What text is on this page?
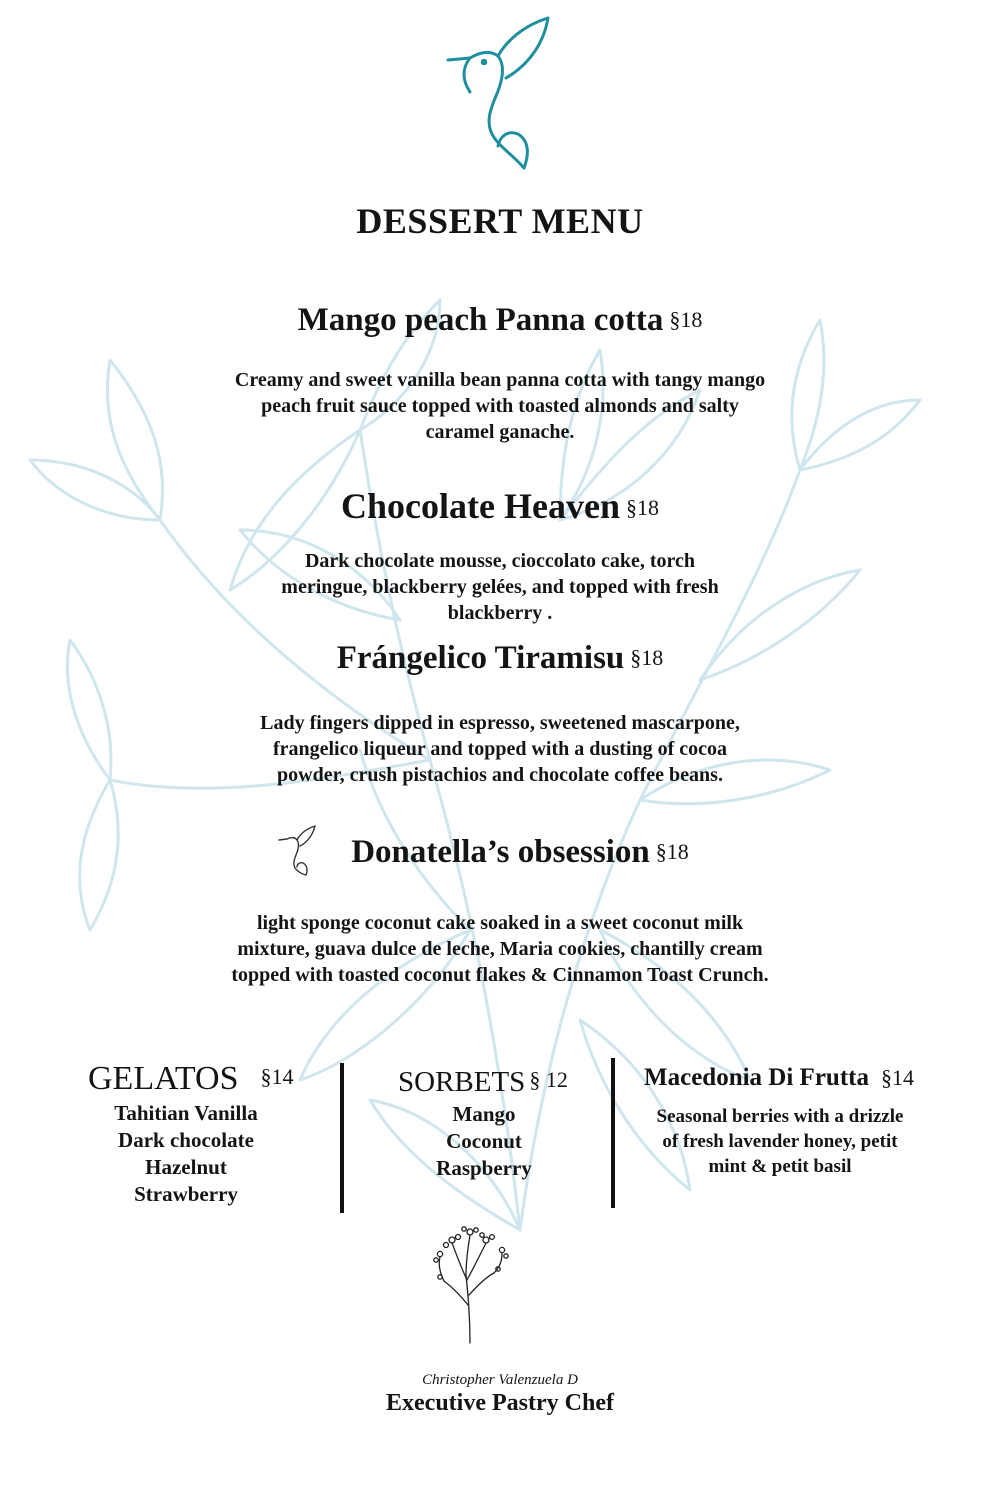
DESSERT MENU
Mango peach Panna cotta §18
Creamy and sweet vanilla bean panna cotta with tangy mango
peach fruit sauce topped with toasted almonds and salty
caramel ganache.
Chocolate Heaven §18
Dark chocolate mousse, cioccolato cake, torch
meringue, blackberry gelées, and topped with fresh
blackberry .
Frángelico Tiramisu §18
Lady fingers dipped in espresso, sweetened mascarpone,
frangelico liqueur and topped with a dusting of cocoa
powder, crush pistachios and chocolate coffee beans.
Donatella’s obsession §18
light sponge coconut cake soaked in a sweet coconut milk
mixture, guava dulce de leche, Maria cookies, chantilly cream
topped with toasted coconut flakes & Cinnamon Toast Crunch.
GELATOS §14
Tahitian Vanilla
Dark chocolate
Hazelnut
Strawberry
SORBETS § 12
Mango
Coconut
Raspberry
Macedonia Di Frutta §14
Seasonal berries with a drizzle
of fresh lavender honey, petit
mint & petit basil
Christopher Valenzuela D
Executive Pastry Chef
